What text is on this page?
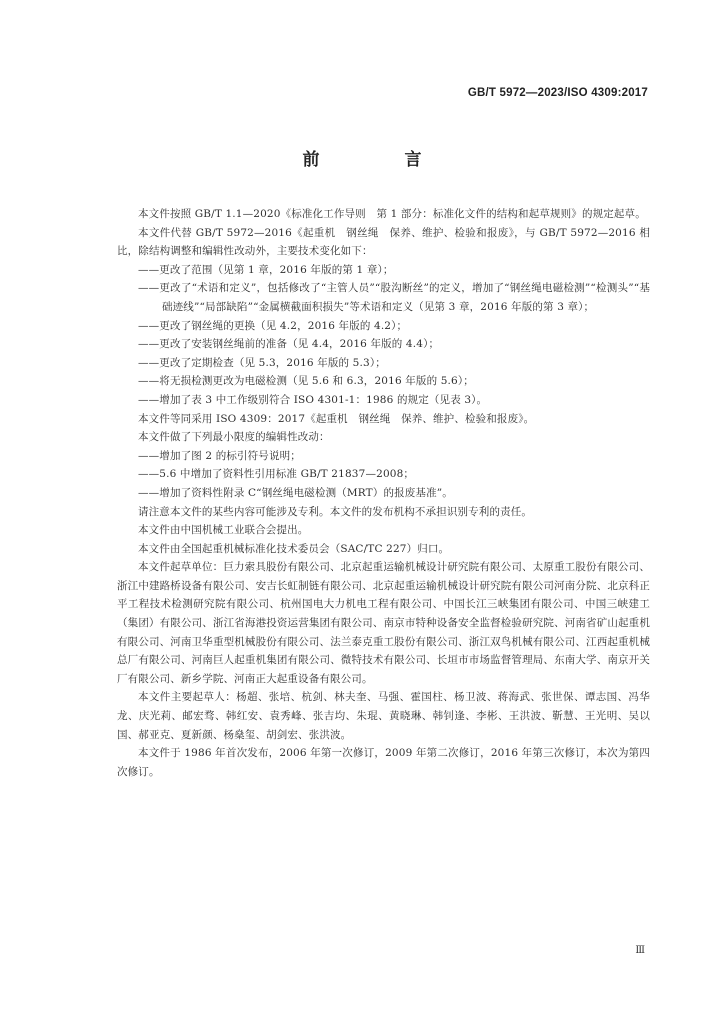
GB/T 5972—2023/ISO 4309:2017
前　言

本文件按照 GB/T 1.1—2020《标准化工作导则　第 1 部分：标准化文件的结构和起草规则》的规定起草。

本文件代替 GB/T 5972—2016《起重机　钢丝绳　保养、维护、检验和报废》，与 GB/T 5972—2016 相比，除结构调整和编辑性改动外，主要技术变化如下：

——更改了范围（见第 1 章，2016 年版的第 1 章）；

——更改了“术语和定义”，包括修改了“主管人员”“股沟断丝”的定义，增加了“钢丝绳电磁检测”“检测头”“基础迹线”“局部缺陷”“金属横截面积损失”等术语和定义（见第 3 章，2016 年版的第 3 章）；

——更改了钢丝绳的更换（见 4.2，2016 年版的 4.2）；

——更改了安装钢丝绳前的准备（见 4.4，2016 年版的 4.4）；

——更改了定期检查（见 5.3，2016 年版的 5.3）；

——将无损检测更改为电磁检测（见 5.6 和 6.3，2016 年版的 5.6）；

——增加了表 3 中工作级别符合 ISO 4301-1：1986 的规定（见表 3）。

本文件等同采用 ISO 4309：2017《起重机　钢丝绳　保养、维护、检验和报废》。

本文件做了下列最小限度的编辑性改动：

——增加了图 2 的标引符号说明；

——5.6 中增加了资料性引用标准 GB/T 21837—2008；

——增加了资料性附录 C“钢丝绳电磁检测（MRT）的报废基准”。

请注意本文件的某些内容可能涉及专利。本文件的发布机构不承担识别专利的责任。

本文件由中国机械工业联合会提出。

本文件由全国起重机械标准化技术委员会（SAC/TC 227）归口。

本文件起草单位：巨力索具股份有限公司、北京起重运输机械设计研究院有限公司、太原重工股份有限公司、浙江中建路桥设备有限公司、安吉长虹制链有限公司、北京起重运输机械设计研究院有限公司河南分院、北京科正平工程技术检测研究院有限公司、杭州国电大力机电工程有限公司、中国长江三峡集团有限公司、中国三峡建工（集团）有限公司、浙江省海港投资运营集团有限公司、南京市特种设备安全监督检验研究院、河南省矿山起重机有限公司、河南卫华重型机械股份有限公司、法兰泰克重工股份有限公司、浙江双鸟机械有限公司、江西起重机械总厂有限公司、河南巨人起重机集团有限公司、微特技术有限公司、长垣市市场监督管理局、东南大学、南京开关厂有限公司、新乡学院、河南正大起重设备有限公司。

本文件主要起草人：杨超、张培、杭剑、林夫奎、马强、霍国柱、杨卫波、蒋海武、张世保、谭志国、冯华龙、庆光莉、邮宏骛、韩红安、袁秀峰、张吉均、朱琨、黄晓琳、韩钊逢、李彬、王洪波、靳慧、王光明、吴以国、郝亚克、夏新颜、杨燊玺、胡剑宏、张洪波。

本文件于 1986 年首次发布，2006 年第一次修订，2009 年第二次修订，2016 年第三次修订，本次为第四次修订。

Ⅲ
